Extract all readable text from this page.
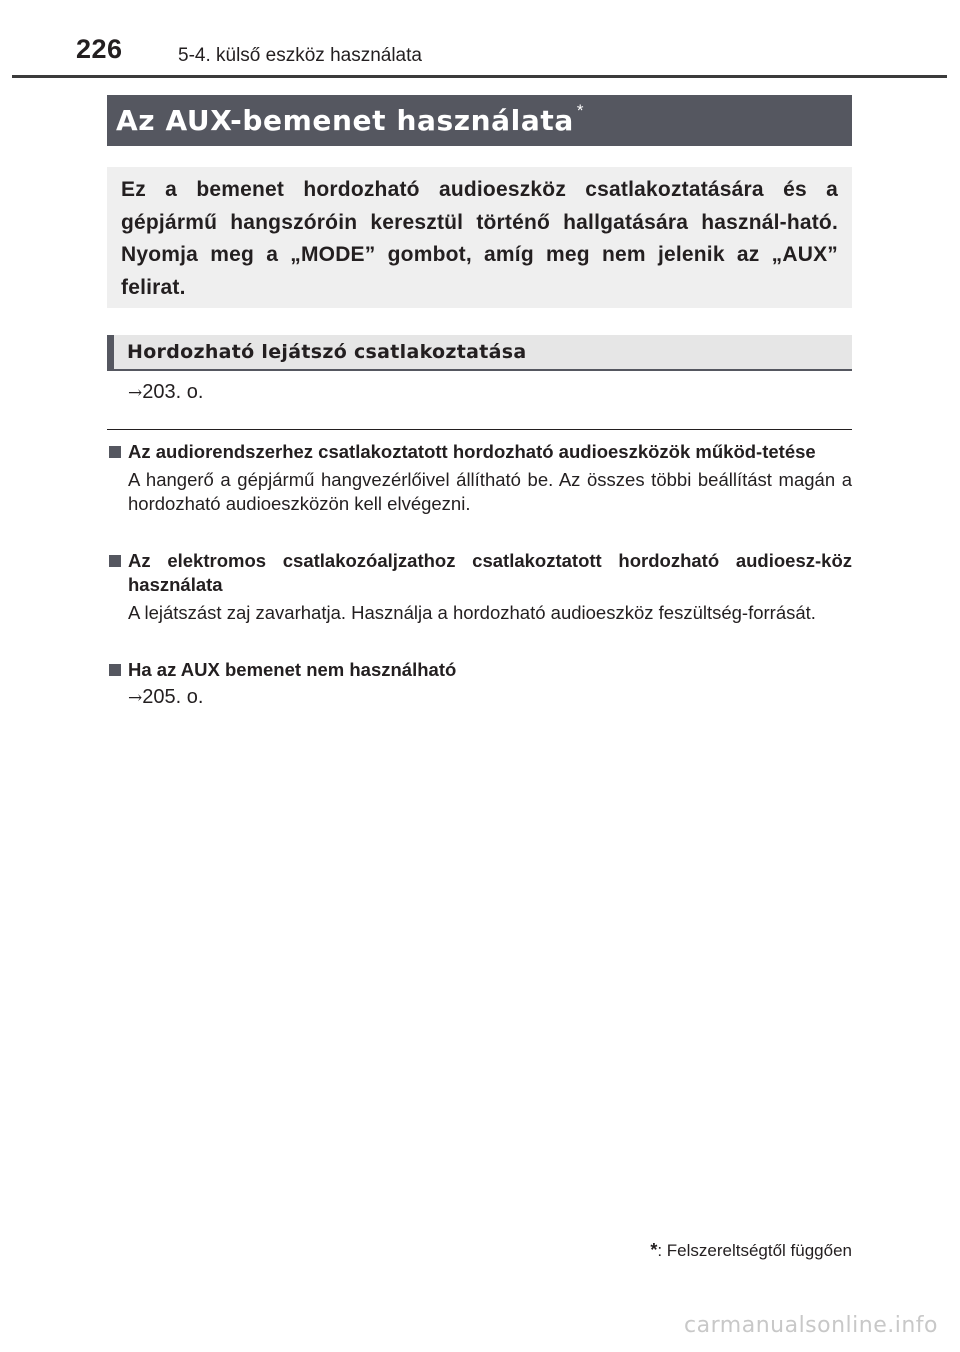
226	5-4. külső eszköz használata
Az AUX-bemenet használata *

Ez a bemenet hordozható audioeszköz csatlakoztatására és a gépjármű hangszóróin keresztül történő hallgatására használ-ható. Nyomja meg a „MODE” gombot, amíg meg nem jelenik az „AUX” felirat.

Hordozható lejátszó csatlakoztatása
→203. o.
Az audiorendszerhez csatlakoztatott hordozható audioeszközök működ-tetése

A hangerő a gépjármű hangvezérlőivel állítható be. Az összes többi beállítást magán a hordozható audioeszközön kell elvégezni.

Az elektromos csatlakozóaljzathoz csatlakoztatott hordozható audioesz-köz használata

A lejátszást zaj zavarhatja. Használja a hordozható audioeszköz feszültség-forrását.

Ha az AUX bemenet nem használható
→205. o.
*: Felszereltségtől függően
carmanualsonline.info
